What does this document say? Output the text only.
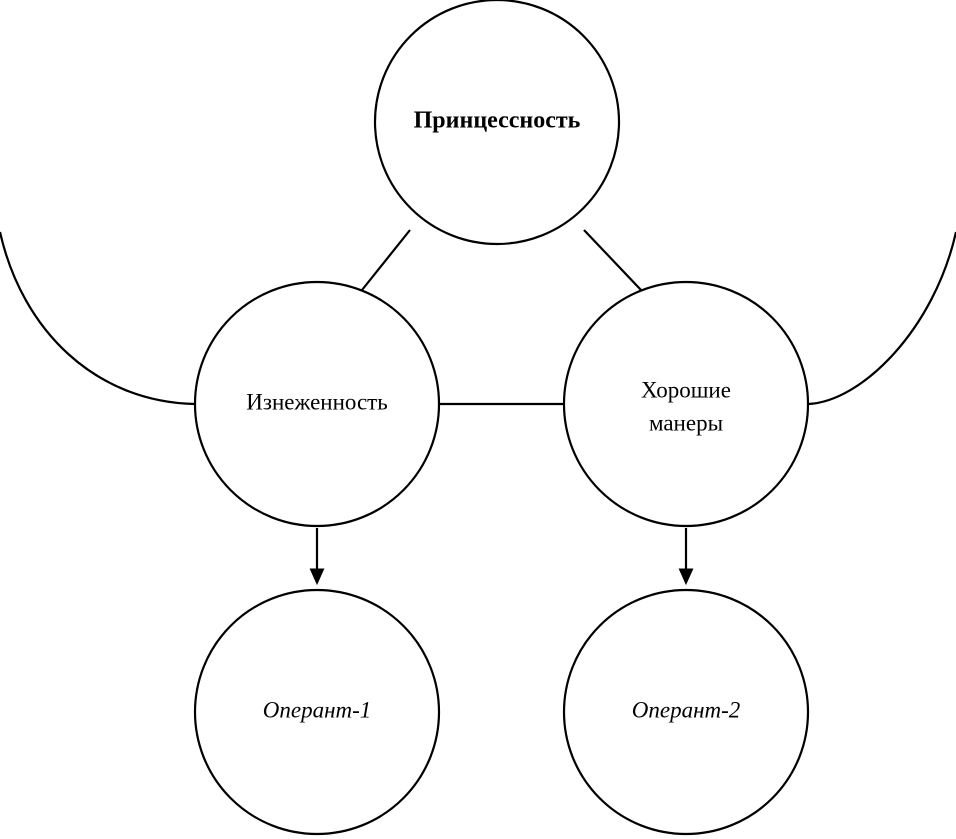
Принцессность
Изнеженность	Хорошие
манеры
Оперант-1	Оперант-2
